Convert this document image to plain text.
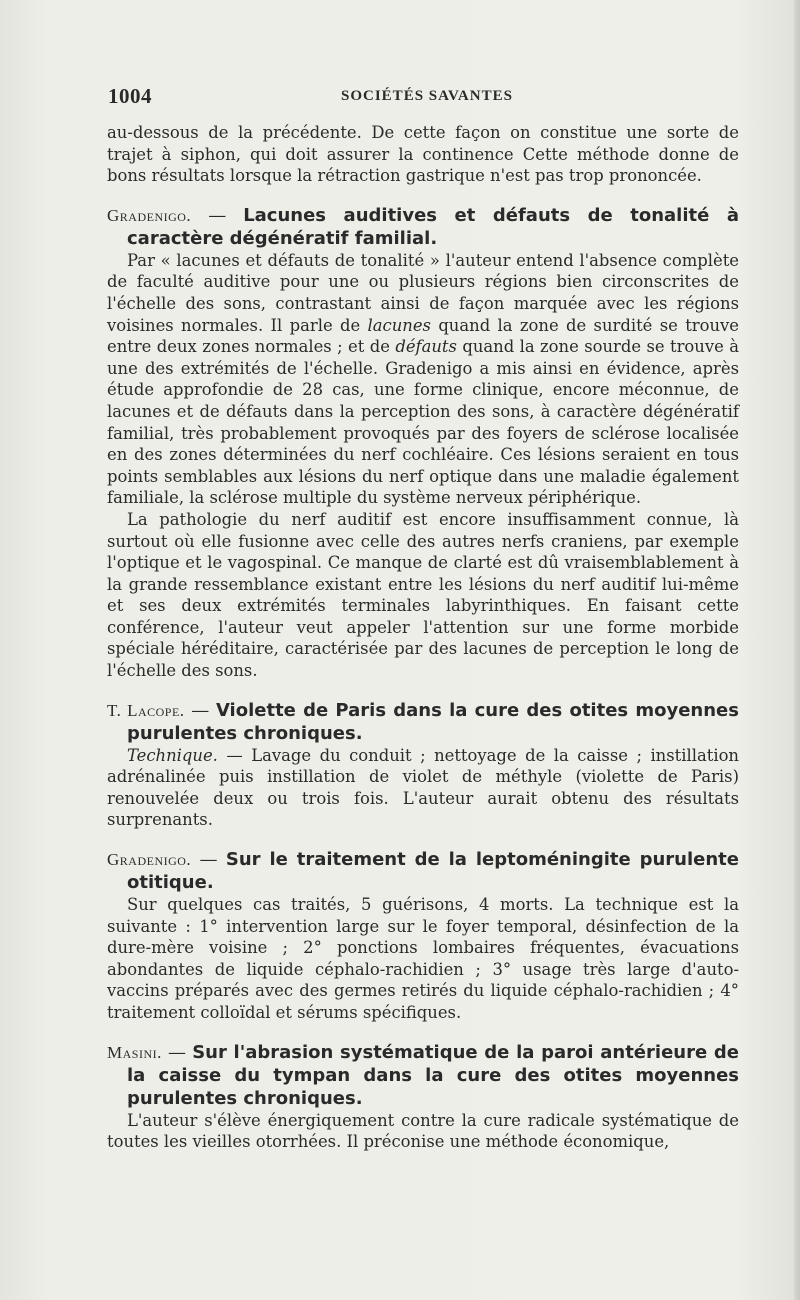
1004	SOCIÉTÉS SAVANTES

au-dessous de la précédente. De cette façon on constitue une sorte de trajet à siphon, qui doit assurer la continence Cette méthode donne de bons résultats lorsque la rétraction gastrique n'est pas trop prononcée.

Gradenigo. — Lacunes auditives et défauts de tonalité à caractère dégénératif familial.

Par « lacunes et défauts de tonalité » l'auteur entend l'absence complète de faculté auditive pour une ou plusieurs régions bien circonscrites de l'échelle des sons, contrastant ainsi de façon marquée avec les régions voisines normales. Il parle de lacunes quand la zone de surdité se trouve entre deux zones normales ; et de défauts quand la zone sourde se trouve à une des extrémités de l'échelle. Gradenigo a mis ainsi en évidence, après étude approfondie de 28 cas, une forme clinique, encore méconnue, de lacunes et de défauts dans la perception des sons, à caractère dégénératif familial, très probablement provoqués par des foyers de sclérose localisée en des zones déterminées du nerf cochléaire. Ces lésions seraient en tous points semblables aux lésions du nerf optique dans une maladie également familiale, la sclérose multiple du système nerveux périphérique.

La pathologie du nerf auditif est encore insuffisamment connue, là surtout où elle fusionne avec celle des autres nerfs craniens, par exemple l'optique et le vagospinal. Ce manque de clarté est dû vraisemblablement à la grande ressemblance existant entre les lésions du nerf auditif lui-même et ses deux extrémités terminales labyrinthiques. En faisant cette conférence, l'auteur veut appeler l'attention sur une forme morbide spéciale héréditaire, caractérisée par des lacunes de perception le long de l'échelle des sons.

T. Lacope. — Violette de Paris dans la cure des otites moyennes purulentes chroniques.

Technique. — Lavage du conduit ; nettoyage de la caisse ; instillation adrénalinée puis instillation de violet de méthyle (violette de Paris) renouvelée deux ou trois fois. L'auteur aurait obtenu des résultats surprenants.

Gradenigo. — Sur le traitement de la leptoméningite purulente otitique.

Sur quelques cas traités, 5 guérisons, 4 morts. La technique est la suivante : 1° intervention large sur le foyer temporal, désinfection de la dure-mère voisine ; 2° ponctions lombaires fréquentes, évacuations abondantes de liquide céphalo-rachidien ; 3° usage très large d'auto-vaccins préparés avec des germes retirés du liquide céphalo-rachidien ; 4° traitement colloïdal et sérums spécifiques.

Masini. — Sur l'abrasion systématique de la paroi antérieure de la caisse du tympan dans la cure des otites moyennes purulentes chroniques.

L'auteur s'élève énergiquement contre la cure radicale systématique de toutes les vieilles otorrhées. Il préconise une méthode économique,
